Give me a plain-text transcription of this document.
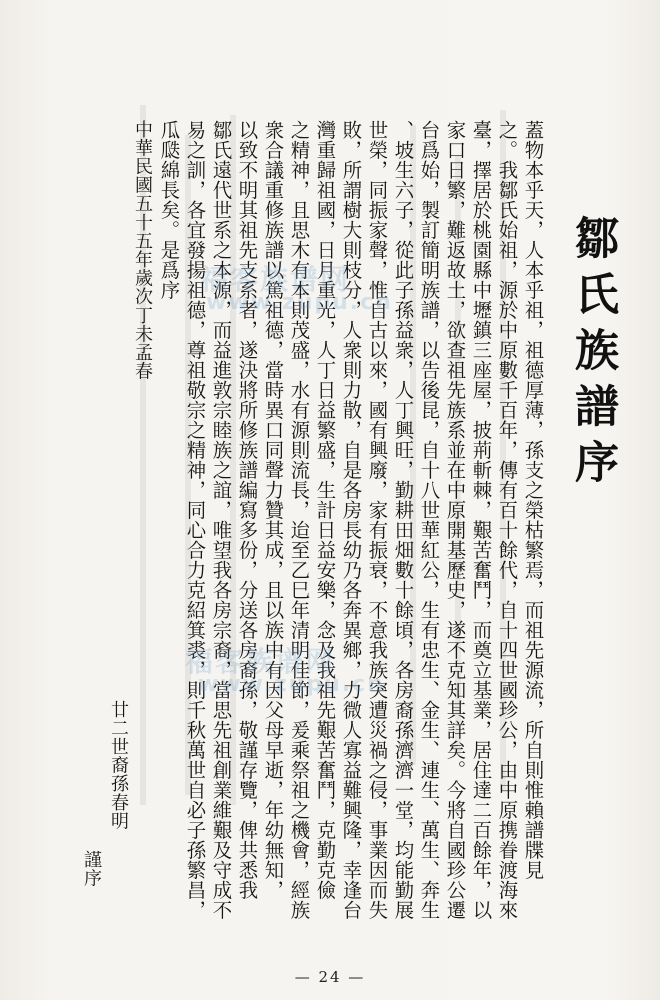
鄒氏族譜序
蓋物本乎天，人本乎祖，祖德厚薄，孫支之榮枯繁焉，而祖先源流，所自則惟賴譜牒見
之。我鄒氏始祖，源於中原數千百年，傳有百十餘代，自十四世國珍公，由中原携眷渡海來
臺，擇居於桃園縣中壢鎮三座屋，披荊斬棘，艱苦奮鬥，而奠立基業，居住達二百餘年，以
家口日繁，難返故土，欲查祖先族系並在中原開基歷史，遂不克知其詳矣。今將自國珍公遷
台爲始，製訂簡明族譜，以告後昆，自十八世華紅公，生有忠生、金生、連生、萬生、奔生
、坡生六子，從此子孫益衆，人丁興旺，勤耕田畑數十餘頃，各房裔孫濟濟一堂，均能勤展
世榮，同振家聲，惟自古以來，國有興廢，家有振衰，不意我族突遭災禍之侵，事業因而失
敗，所謂樹大則枝分，人衆則力散，自是各房長幼乃各奔異鄉，力微人寡益難興隆，幸逢台
灣重歸祖國，日月重光，人丁日益繁盛，生計日益安樂，念及我祖先艱苦奮鬥，克勤克儉
之精神，且思木有本則茂盛，水有源則流長，迨至乙巳年清明佳節，爰乘祭祖之機會，經族
衆合議重修族譜以篤祖德，當時異口同聲力贊其成，且以族中有因父母早逝，年幼無知，
以致不明其祖先支系者，遂決將所修族譜編寫多份，分送各房裔孫，敬謹存覽，俾共悉我
鄒氏遠代世系之本源，而益進敦宗睦族之誼，唯望我各房宗裔，當思先祖創業維艱及守成不
易之訓，各宜發揚祖德，尊祖敬宗之精神，同心合力克紹箕裘，則千秋萬世自必子孫繁昌，
瓜瓞綿長矣。是爲序
中華民國五十五年歲次丁未孟春
廿二世裔孫春明
謹序
福客族谱网
www.zupu.cn
福客族谱网
www.zupu.cn
— 24 —
